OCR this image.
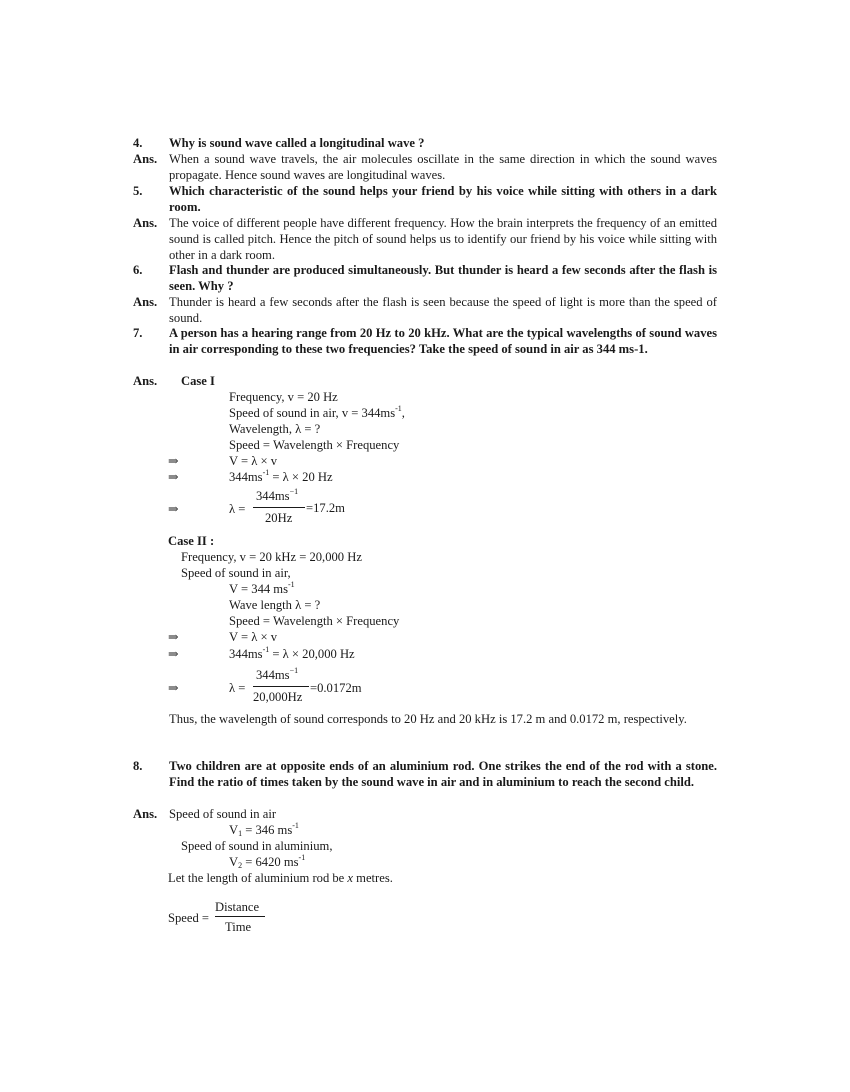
4.	Why is sound wave called a longitudinal wave ?
Ans. When a sound wave travels, the air molecules oscillate in the same direction in which the sound waves propagate. Hence sound waves are longitudinal waves.
5.	Which characteristic of the sound helps your friend by his voice while sitting with others in a dark room.
Ans. The voice of different people have different frequency. How the brain interprets the frequency of an emitted sound is called pitch. Hence the pitch of sound helps us to identify our friend by his voice while sitting with other in a dark room.
6.	Flash and thunder are produced simultaneously. But thunder is heard a few seconds after the flash is seen. Why ?
Ans. Thunder is heard a few seconds after the flash is seen because the speed of light is more than the speed of sound.
7.	A person has a hearing range from 20 Hz to 20 kHz. What are the typical wavelengths of sound waves in air corresponding to these two frequencies? Take the speed of sound in air as 344 ms-1.
Ans.	Case I
Frequency, v = 20 Hz
Speed of sound in air, $v = 344ms^{-1}$,
Wavelength, λ = ?
Speed = Wavelength × Frequency
⇒	V = λ × v
⇒	$344ms^{-1} = \lambda \times 20$ Hz
⇒	λ =
$344ms^{-1}$
20Hz
=17.2m
Case II :
Frequency, v = 20 kHz = 20,000 Hz
Speed of sound in air,
V = 344 $ms^{-1}$
Wave length λ = ?
Speed = Wavelength × Frequency
⇒	V = λ × v
⇒	$344ms^{-1} = \lambda \times 20,000$ Hz
⇒	λ =
$344ms^{-1}$
20,000Hz
=0.0172m
Thus, the wavelength of sound corresponds to 20 Hz and 20 kHz is 17.2 m and 0.0172 m, respectively.
8.	Two children are at opposite ends of an aluminium rod. One strikes the end of the rod with a stone. Find the ratio of times taken by the sound wave in air and in aluminium to reach the second child.
Ans. Speed of sound in air
$V_1 = 346$ $ms^{-1}$
Speed of sound in aluminium,
$V_2 = 6420$ $ms^{-1}$
Let the length of aluminium rod be x metres.
Speed =
Distance
Time
